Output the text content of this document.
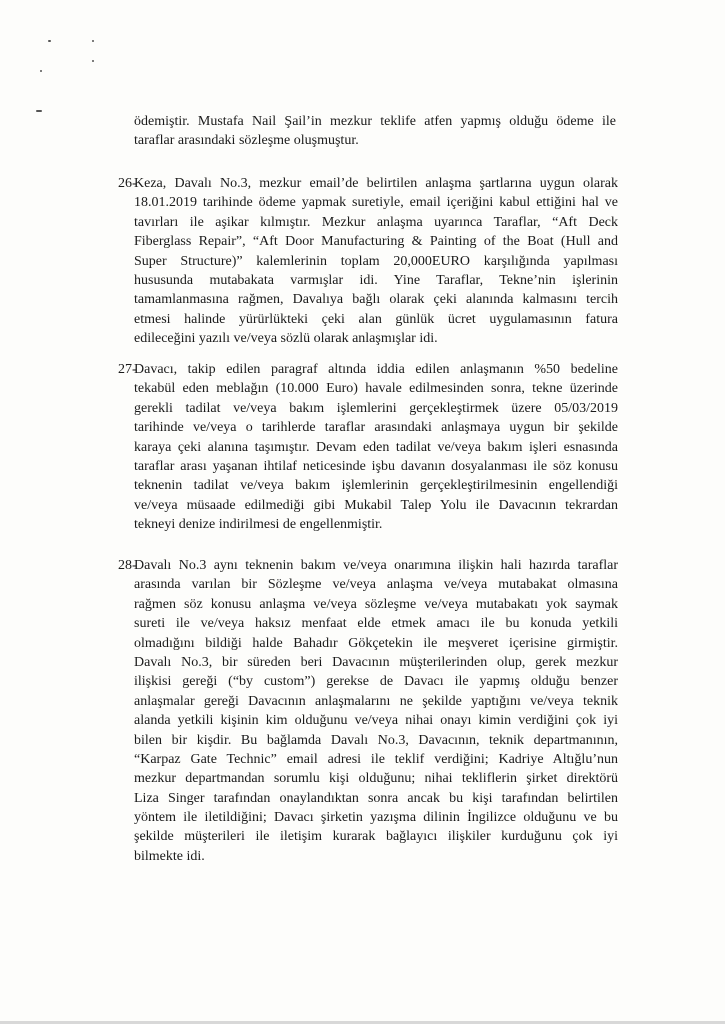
ödemiştir. Mustafa Nail Şail’in mezkur teklife atfen yapmış olduğu ödeme ile
taraflar arasındaki sözleşme oluşmuştur.
26-
Keza, Davalı No.3, mezkur email’de belirtilen anlaşma şartlarına uygun olarak
18.01.2019 tarihinde ödeme yapmak suretiyle, email içeriğini kabul ettiğini hal ve
tavırları ile aşikar kılmıştır. Mezkur anlaşma uyarınca Taraflar, “Aft Deck
Fiberglass Repair”, “Aft Door Manufacturing & Painting of the Boat (Hull and
Super Structure)” kalemlerinin toplam 20,000EURO karşılığında yapılması
hususunda mutabakata varmışlar idi. Yine Taraflar, Tekne’nin işlerinin
tamamlanmasına rağmen, Davalıya bağlı olarak çeki alanında kalmasını tercih
etmesi halinde yürürlükteki çeki alan günlük ücret uygulamasının fatura
edileceğini yazılı ve/veya sözlü olarak anlaşmışlar idi.
27-
Davacı, takip edilen paragraf altında iddia edilen anlaşmanın %50 bedeline
tekabül eden meblağın (10.000 Euro) havale edilmesinden sonra, tekne üzerinde
gerekli tadilat ve/veya bakım işlemlerini gerçekleştirmek üzere 05/03/2019
tarihinde ve/veya o tarihlerde taraflar arasındaki anlaşmaya uygun bir şekilde
karaya çeki alanına taşımıştır. Devam eden tadilat ve/veya bakım işleri esnasında
taraflar arası yaşanan ihtilaf neticesinde işbu davanın dosyalanması ile söz konusu
teknenin tadilat ve/veya bakım işlemlerinin gerçekleştirilmesinin engellendiği
ve/veya müsaade edilmediği gibi Mukabil Talep Yolu ile Davacının tekrardan
tekneyi denize indirilmesi de engellenmiştir.
28-
Davalı No.3 aynı teknenin bakım ve/veya onarımına ilişkin hali hazırda taraflar
arasında varılan bir Sözleşme ve/veya anlaşma ve/veya mutabakat olmasına
rağmen söz konusu anlaşma ve/veya sözleşme ve/veya mutabakatı yok saymak
sureti ile ve/veya haksız menfaat elde etmek amacı ile bu konuda yetkili
olmadığını bildiği halde Bahadır Gökçetekin ile meşveret içerisine girmiştir.
Davalı No.3, bir süreden beri Davacının müşterilerinden olup, gerek mezkur
ilişkisi gereği (“by custom”) gerekse de Davacı ile yapmış olduğu benzer
anlaşmalar gereği Davacının anlaşmalarını ne şekilde yaptığını ve/veya teknik
alanda yetkili kişinin kim olduğunu ve/veya nihai onayı kimin verdiğini çok iyi
bilen bir kişdir. Bu bağlamda Davalı No.3, Davacının, teknik departmanının,
“Karpaz Gate Technic” email adresi ile teklif verdiğini; Kadriye Altığlu’nun
mezkur departmandan sorumlu kişi olduğunu; nihai tekliflerin şirket direktörü
Liza Singer tarafından onaylandıktan sonra ancak bu kişi tarafından belirtilen
yöntem ile iletildiğini; Davacı şirketin yazışma dilinin İngilizce olduğunu ve bu
şekilde müşterileri ile iletişim kurarak bağlayıcı ilişkiler kurduğunu çok iyi
bilmekte idi.
